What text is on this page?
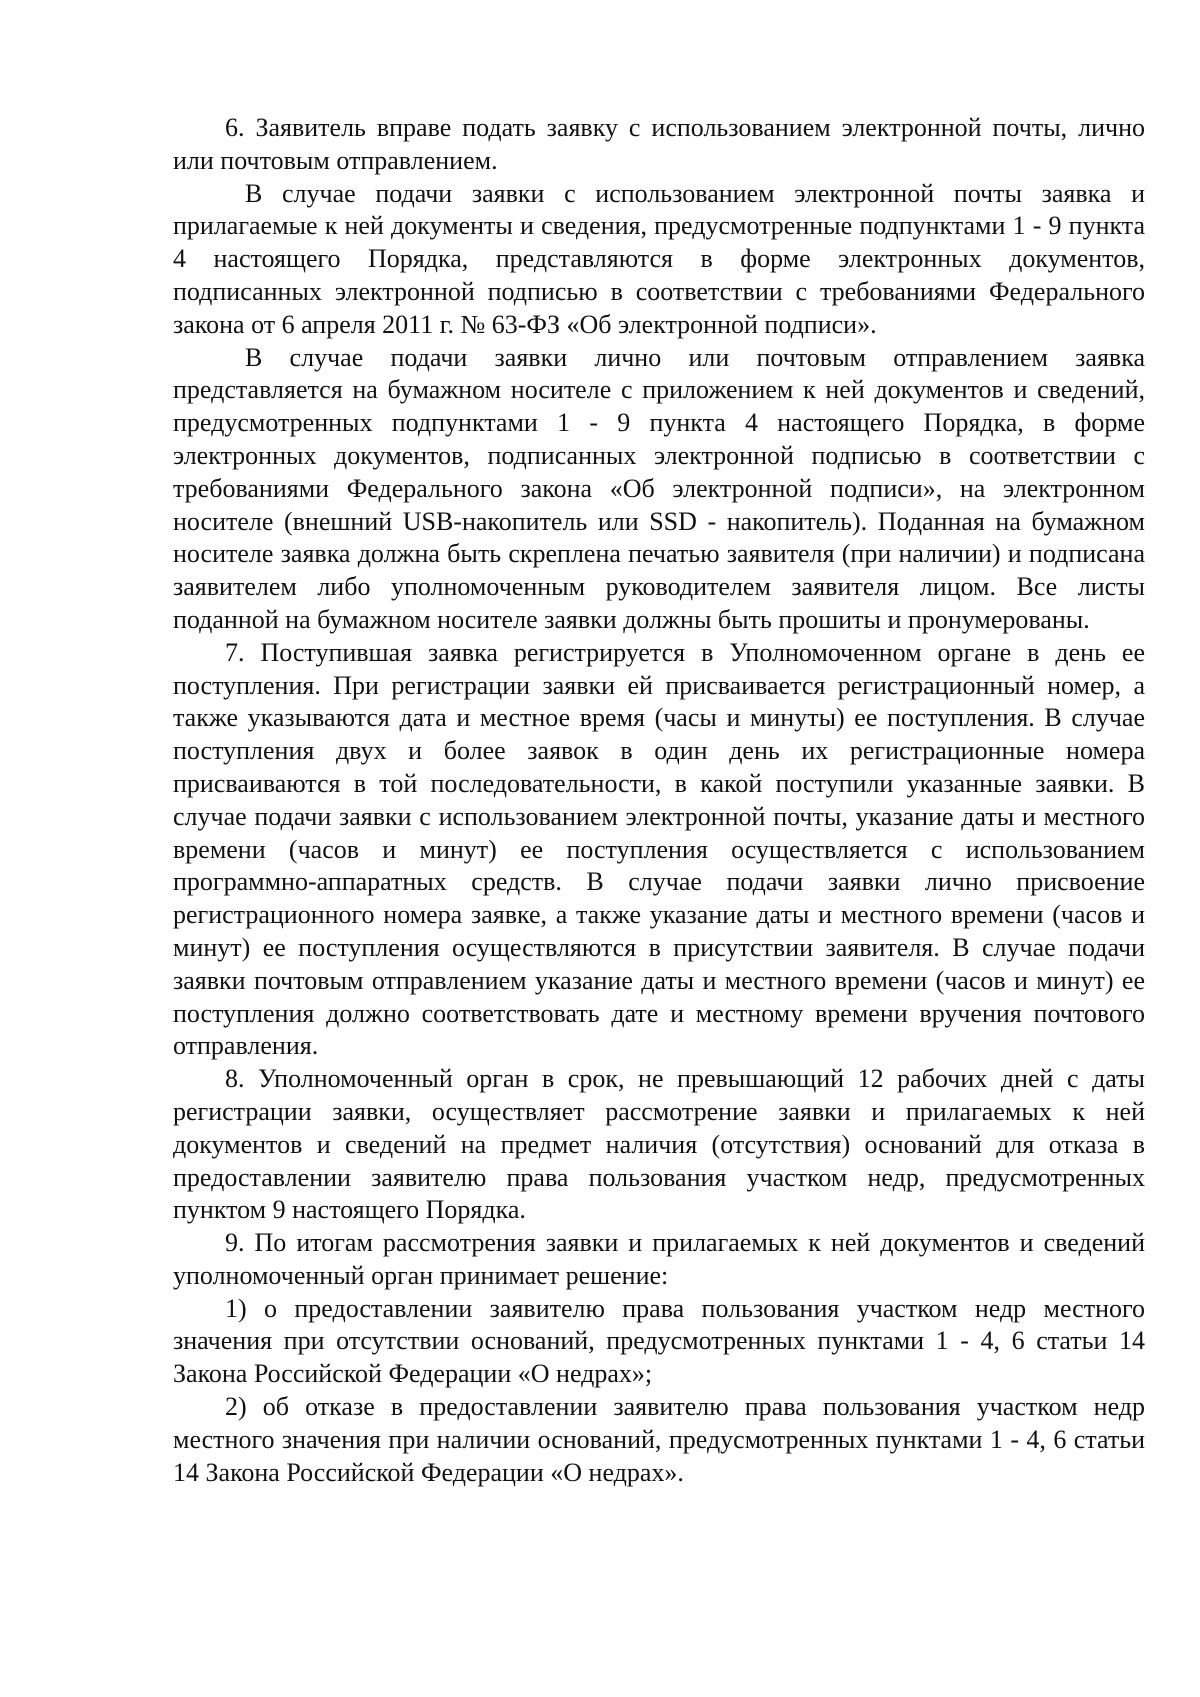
6. Заявитель вправе подать заявку с использованием электронной почты, лично или почтовым отправлением.

В случае подачи заявки с использованием электронной почты заявка и прилагаемые к ней документы и сведения, предусмотренные подпунктами 1 - 9 пункта 4 настоящего Порядка, представляются в форме электронных документов, подписанных электронной подписью в соответствии с требованиями Федерального закона от 6 апреля 2011 г. № 63-ФЗ «Об электронной подписи».

В случае подачи заявки лично или почтовым отправлением заявка представляется на бумажном носителе с приложением к ней документов и сведений, предусмотренных подпунктами 1 - 9 пункта 4 настоящего Порядка, в форме электронных документов, подписанных электронной подписью в соответствии с требованиями Федерального закона «Об электронной подписи», на электронном носителе (внешний USB-накопитель или SSD - накопитель). Поданная на бумажном носителе заявка должна быть скреплена печатью заявителя (при наличии) и подписана заявителем либо уполномоченным руководителем заявителя лицом. Все листы поданной на бумажном носителе заявки должны быть прошиты и пронумерованы.

7. Поступившая заявка регистрируется в Уполномоченном органе в день ее поступления. При регистрации заявки ей присваивается регистрационный номер, а также указываются дата и местное время (часы и минуты) ее поступления. В случае поступления двух и более заявок в один день их регистрационные номера присваиваются в той последовательности, в какой поступили указанные заявки. В случае подачи заявки с использованием электронной почты, указание даты и местного времени (часов и минут) ее поступления осуществляется с использованием программно-аппаратных средств. В случае подачи заявки лично присвоение регистрационного номера заявке, а также указание даты и местного времени (часов и минут) ее поступления осуществляются в присутствии заявителя. В случае подачи заявки почтовым отправлением указание даты и местного времени (часов и минут) ее поступления должно соответствовать дате и местному времени вручения почтового отправления.

8. Уполномоченный орган в срок, не превышающий 12 рабочих дней с даты регистрации заявки, осуществляет рассмотрение заявки и прилагаемых к ней документов и сведений на предмет наличия (отсутствия) оснований для отказа в предоставлении заявителю права пользования участком недр, предусмотренных пунктом 9 настоящего Порядка.

9. По итогам рассмотрения заявки и прилагаемых к ней документов и сведений уполномоченный орган принимает решение:

1) о предоставлении заявителю права пользования участком недр местного значения при отсутствии оснований, предусмотренных пунктами 1 - 4, 6 статьи 14 Закона Российской Федерации «О недрах»;

2) об отказе в предоставлении заявителю права пользования участком недр местного значения при наличии оснований, предусмотренных пунктами 1 - 4, 6 статьи 14 Закона Российской Федерации «О недрах».
